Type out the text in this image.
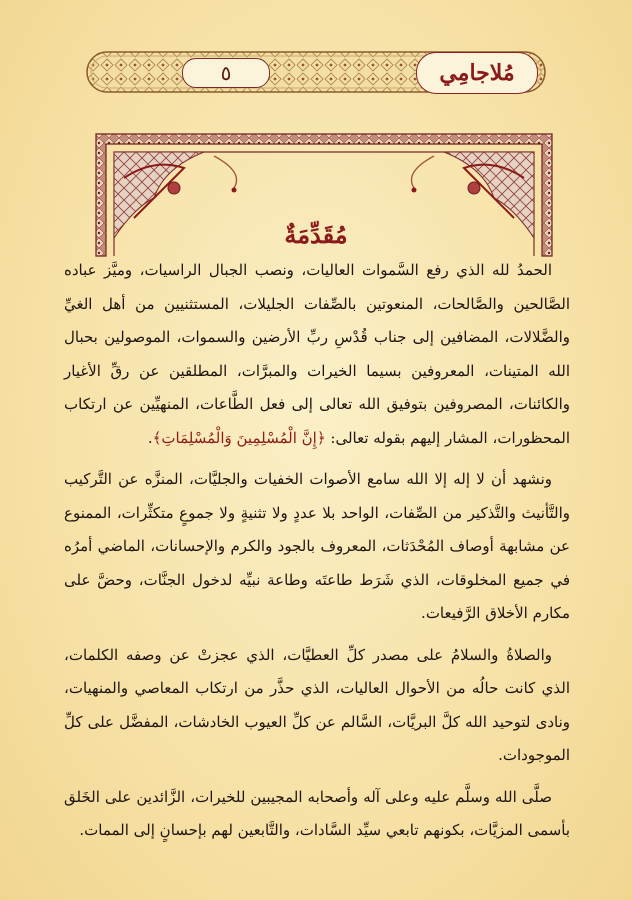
٥	مُلاجامِي
مُقَدِّمَةٌ

الحمدُ لله الذي رفع السَّموات العاليات، ونصب الجبال الراسيات، وميَّز عباده الصَّالحين والصَّالحات، المنعوتين بالصِّفات الجليلات، المستثنيين من أهل الغيِّ والضَّلالات، المضافين إلى جناب قُدْسِ ربِّ الأرضين والسموات، الموصولين بحبال الله المتينات، المعروفين بسيما الخيرات والمبرَّات، المطلقين عن رقِّ الأغيار والكائنات، المصروفين بتوفيق الله تعالى إلى فعل الطَّاعات، المنهيِّين عن ارتكاب المحظورات، المشار إليهم بقوله تعالى: ﴿إِنَّ الْمُسْلِمِينَ وَالْمُسْلِمَاتِ﴾.

ونشهد أن لا إله إلا الله سامع الأصوات الخفيات والجليَّات، المنزَّه عن التَّركيب والتَّأنيث والتَّذكير من الصِّفات، الواحد بلا عددٍ ولا تثنيةٍ ولا جموعٍ متكثِّرات، الممنوع عن مشابهة أوصاف المُحْدَثات، المعروف بالجود والكرم والإحسانات، الماضي أمرُه في جميع المخلوقات، الذي شَرَط طاعتَه وطاعة نبيِّه لدخول الجنَّات، وحضَّ على مكارم الأخلاق الرَّفيعات.

والصلاةُ والسلامُ على مصدر كلِّ العطيَّات، الذي عجزتْ عن وصفه الكلمات، الذي كانت حالُه من الأحوال العاليات، الذي حذَّر من ارتكاب المعاصي والمنهيات، ونادى لتوحيد الله كلَّ البريَّات، السَّالم عن كلِّ العيوب الخادشات، المفضَّل على كلِّ الموجودات.

صلَّى الله وسلَّم عليه وعلى آله وأصحابه المجيبين للخيرات، الزَّائدين على الخَلق بأسمى المزيَّات، بكونهم تابعي سيِّد السَّادات، والتَّابعين لهم بإحسانٍ إلى الممات.
